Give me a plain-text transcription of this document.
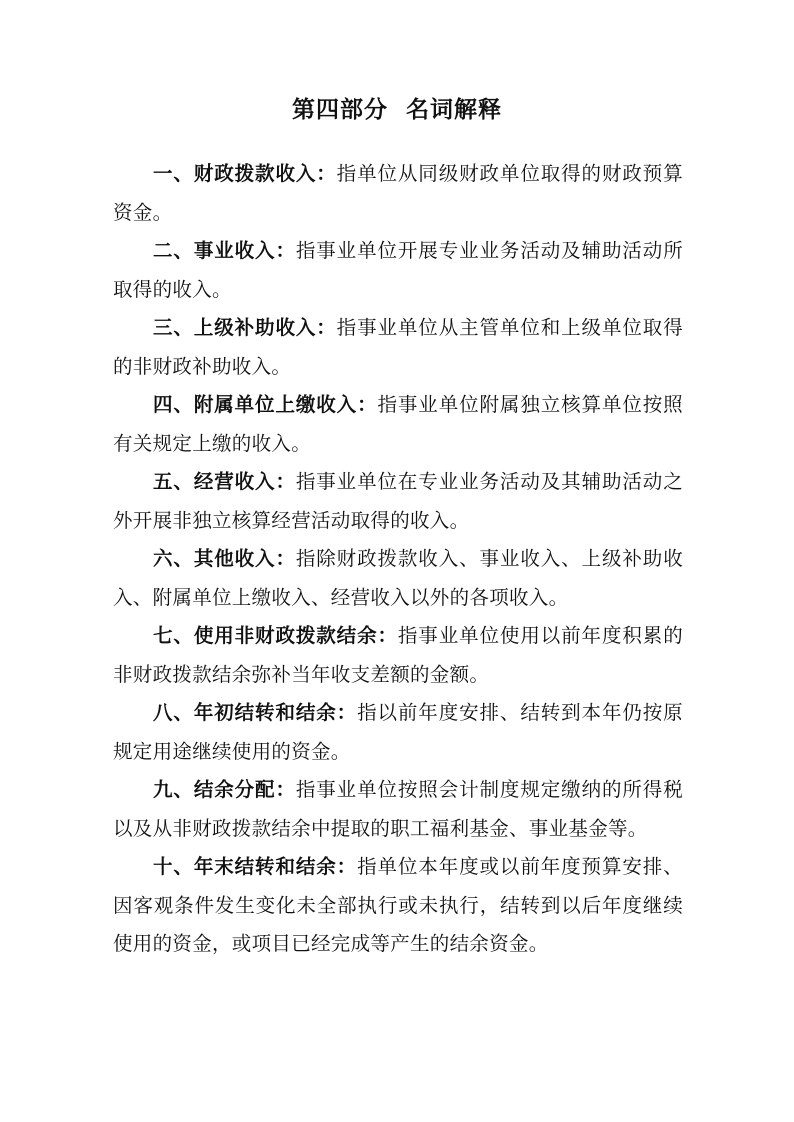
第四部分  名词解释

一、财政拨款收入：指单位从同级财政单位取得的财政预算资金。

二、事业收入：指事业单位开展专业业务活动及辅助活动所取得的收入。

三、上级补助收入：指事业单位从主管单位和上级单位取得的非财政补助收入。

四、附属单位上缴收入：指事业单位附属独立核算单位按照有关规定上缴的收入。

五、经营收入：指事业单位在专业业务活动及其辅助活动之外开展非独立核算经营活动取得的收入。

六、其他收入：指除财政拨款收入、事业收入、上级补助收入、附属单位上缴收入、经营收入以外的各项收入。

七、使用非财政拨款结余：指事业单位使用以前年度积累的非财政拨款结余弥补当年收支差额的金额。

八、年初结转和结余：指以前年度安排、结转到本年仍按原规定用途继续使用的资金。

九、结余分配：指事业单位按照会计制度规定缴纳的所得税以及从非财政拨款结余中提取的职工福利基金、事业基金等。

十、年末结转和结余：指单位本年度或以前年度预算安排、因客观条件发生变化未全部执行或未执行，结转到以后年度继续使用的资金，或项目已经完成等产生的结余资金。
